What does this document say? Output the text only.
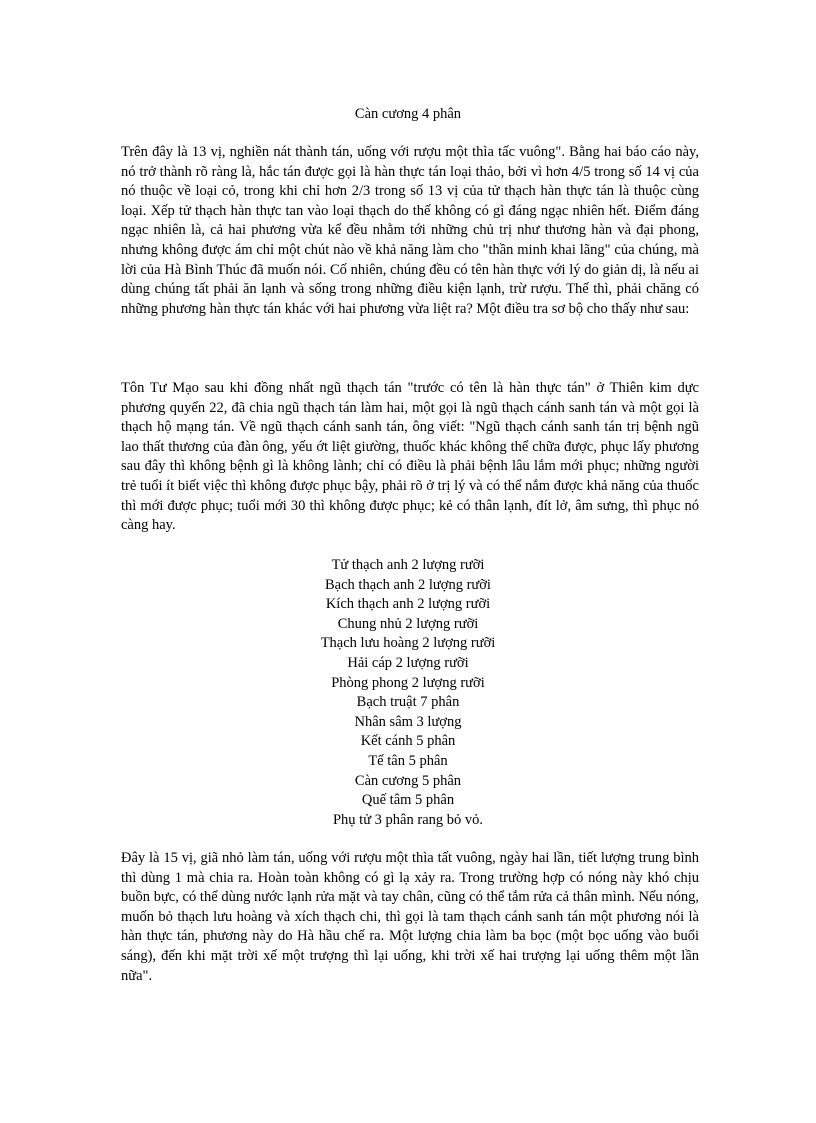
Càn cương 4 phân

Trên đây là 13 vị, nghiền nát thành tán, uống với rượu một thìa tấc vuông". Bằng hai báo cáo này, nó trở thành rõ ràng là, hắc tán được gọi là hàn thực tán loại thảo, bởi vì hơn 4/5 trong số 14 vị của nó thuộc về loại cỏ, trong khi chỉ hơn 2/3 trong số 13 vị của tử thạch hàn thực tán là thuộc cùng loại. Xếp tử thạch hàn thực tan vào loại thạch do thế không có gì đáng ngạc nhiên hết. Điểm đáng ngạc nhiên là, cả hai phương vừa kể đều nhằm tới những chủ trị như thương hàn và đại phong, nhưng không được ám chỉ một chút nào về khả năng làm cho "thần minh khai lãng" của chúng, mà lời của Hà Bình Thúc đã muốn nói. Cố nhiên, chúng đều có tên hàn thực với lý do giản dị, là nếu ai dùng chúng tất phải ăn lạnh và sống trong những điều kiện lạnh, trừ rượu. Thế thì, phải chăng có những phương hàn thực tán khác với hai phương vừa liệt ra? Một điều tra sơ bộ cho thấy như sau:

Tôn Tư Mạo sau khi đồng nhất ngũ thạch tán "trước có tên là hàn thực tán" ở Thiên kim dực phương quyển 22, đã chia ngũ thạch tán làm hai, một gọi là ngũ thạch cánh sanh tán và một gọi là thạch hộ mạng tán. Về ngũ thạch cánh sanh tán, ông viết: "Ngũ thạch cánh sanh tán trị bệnh ngũ lao thất thương của đàn ông, yếu ớt liệt giường, thuốc khác không thể chữa được, phục lấy phương sau đây thì không bệnh gì là không lành; chỉ có điều là phải bệnh lâu lắm mới phục; những người trẻ tuổi ít biết việc thì không được phục bậy, phải rõ ở trị lý và có thể nắm được khả năng của thuốc thì mới được phục; tuổi mới 30 thì không được phục; kẻ có thân lạnh, đít lở, âm sưng, thì phục nó càng hay.

Tử thạch anh 2 lượng rưỡi
Bạch thạch anh 2 lượng rưỡi
Kích thạch anh 2 lượng rưỡi
Chung nhủ 2 lượng rưỡi
Thạch lưu hoàng 2 lượng rưỡi
Hải cáp 2 lượng rưỡi
Phòng phong 2 lượng rưỡi
Bạch truật 7 phân
Nhân sâm 3 lượng
Kết cánh 5 phân
Tế tân 5 phân
Càn cương 5 phân
Quế tâm 5 phân
Phụ tử 3 phân rang bỏ vỏ.

Đây là 15 vị, giã nhỏ làm tán, uống với rượu một thìa tất vuông, ngày hai lần, tiết lượng trung bình thì dùng 1 mà chia ra. Hoàn toàn không có gì lạ xảy ra. Trong trường hợp có nóng này khó chịu buồn bực, có thể dùng nước lạnh rửa mặt và tay chân, cũng có thể tắm rửa cả thân mình. Nếu nóng, muốn bỏ thạch lưu hoàng và xích thạch chi, thì gọi là tam thạch cánh sanh tán một phương nói là hàn thực tán, phương này do Hà hầu chế ra. Một lượng chia làm ba bọc (một bọc uống vào buổi sáng), đến khi mặt trời xế một trượng thì lại uống, khi trời xế hai trượng lại uống thêm một lần nữa".
